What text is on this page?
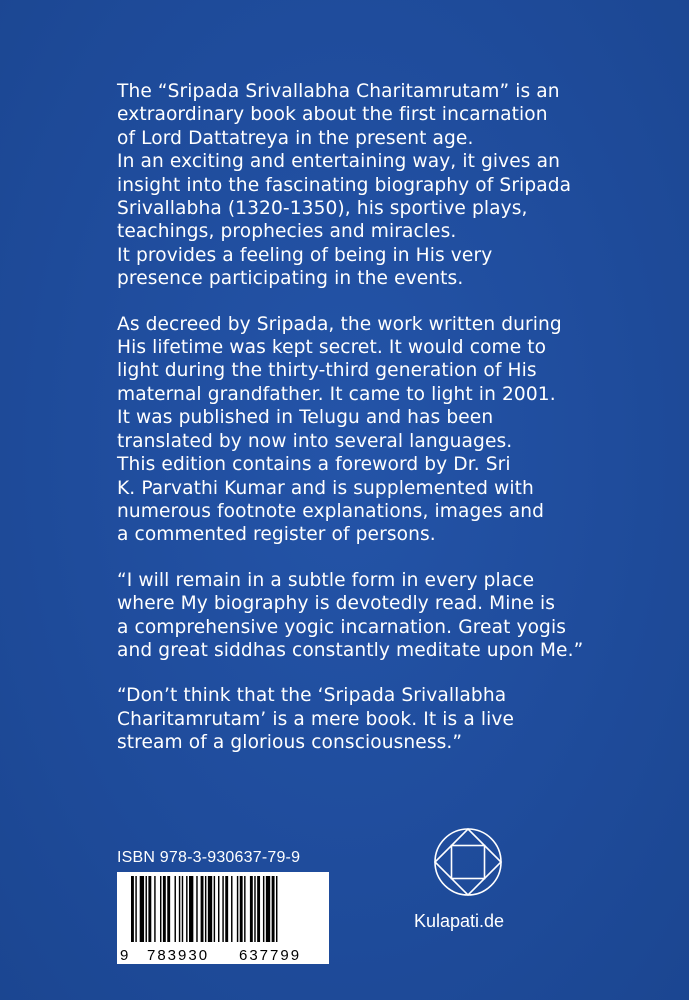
The “Sripada Srivallabha Charitamrutam” is an
extraordinary book about the first incarnation
of Lord Dattatreya in the present age.
In an exciting and entertaining way, it gives an
insight into the fascinating biography of Sripada
Srivallabha (1320-1350), his sportive plays,
teachings, prophecies and miracles.
It provides a feeling of being in His very
presence participating in the events.
As decreed by Sripada, the work written during
His lifetime was kept secret. It would come to
light during the thirty-third generation of His
maternal grandfather. It came to light in 2001.
It was published in Telugu and has been
translated by now into several languages.
This edition contains a foreword by Dr. Sri
K. Parvathi Kumar and is supplemented with
numerous footnote explanations, images and
a commented register of persons.
“I will remain in a subtle form in every place
where My biography is devotedly read. Mine is
a comprehensive yogic incarnation. Great yogis
and great siddhas constantly meditate upon Me.”
“Don’t think that the ‘Sripada Srivallabha
Charitamrutam’ is a mere book. It is a live
stream of a glorious consciousness.”
ISBN 978-3-930637-79-9
9 783930 637799
Kulapati.de
